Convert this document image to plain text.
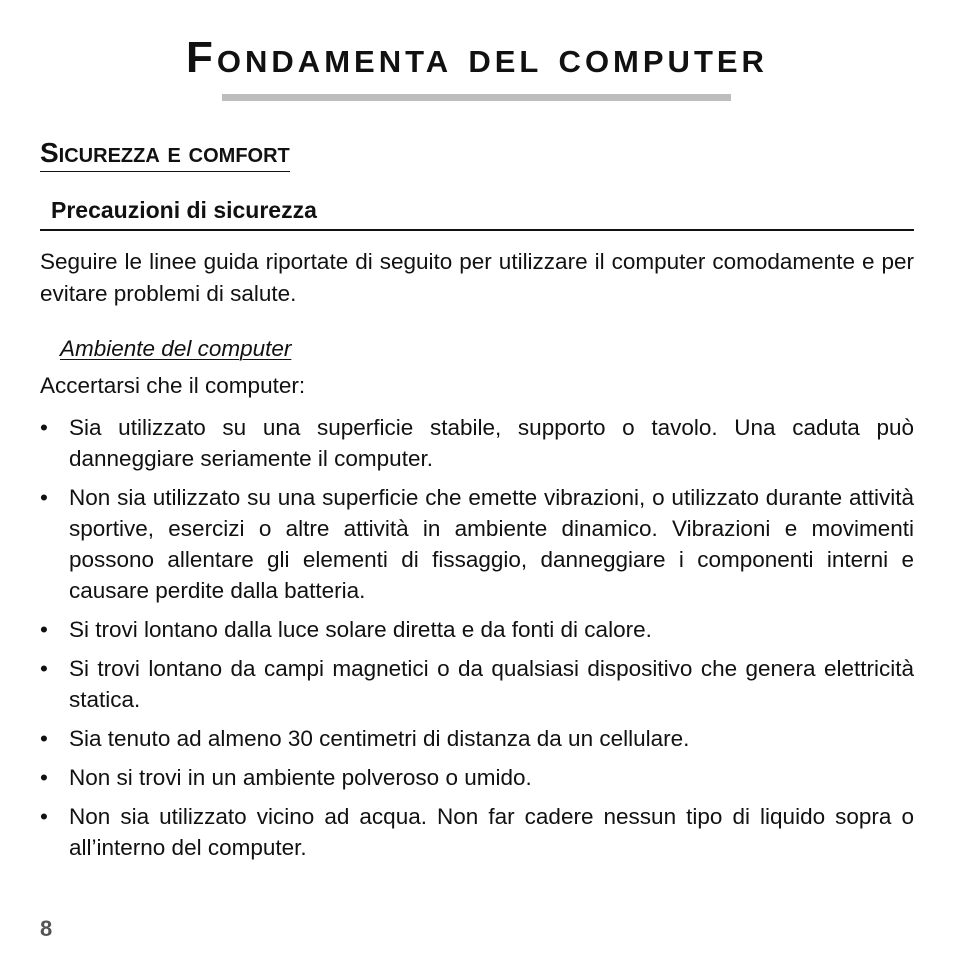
Fondamenta del computer
Sicurezza e comfort
Precauzioni di sicurezza

Seguire le linee guida riportate di seguito per utilizzare il computer comodamente e per evitare problemi di salute.

Ambiente del computer

Accertarsi che il computer:

• Sia utilizzato su una superficie stabile, supporto o tavolo. Una caduta può danneggiare seriamente il computer.
• Non sia utilizzato su una superficie che emette vibrazioni, o utilizzato durante attività sportive, esercizi o altre attività in ambiente dinamico. Vibrazioni e movimenti possono allentare gli elementi di fissaggio, danneggiare i componenti interni e causare perdite dalla batteria.
• Si trovi lontano dalla luce solare diretta e da fonti di calore.
• Si trovi lontano da campi magnetici o da qualsiasi dispositivo che genera elettricità statica.
• Sia tenuto ad almeno 30 centimetri di distanza da un cellulare.
• Non si trovi in un ambiente polveroso o umido.
• Non sia utilizzato vicino ad acqua. Non far cadere nessun tipo di liquido sopra o all’interno del computer.

8
